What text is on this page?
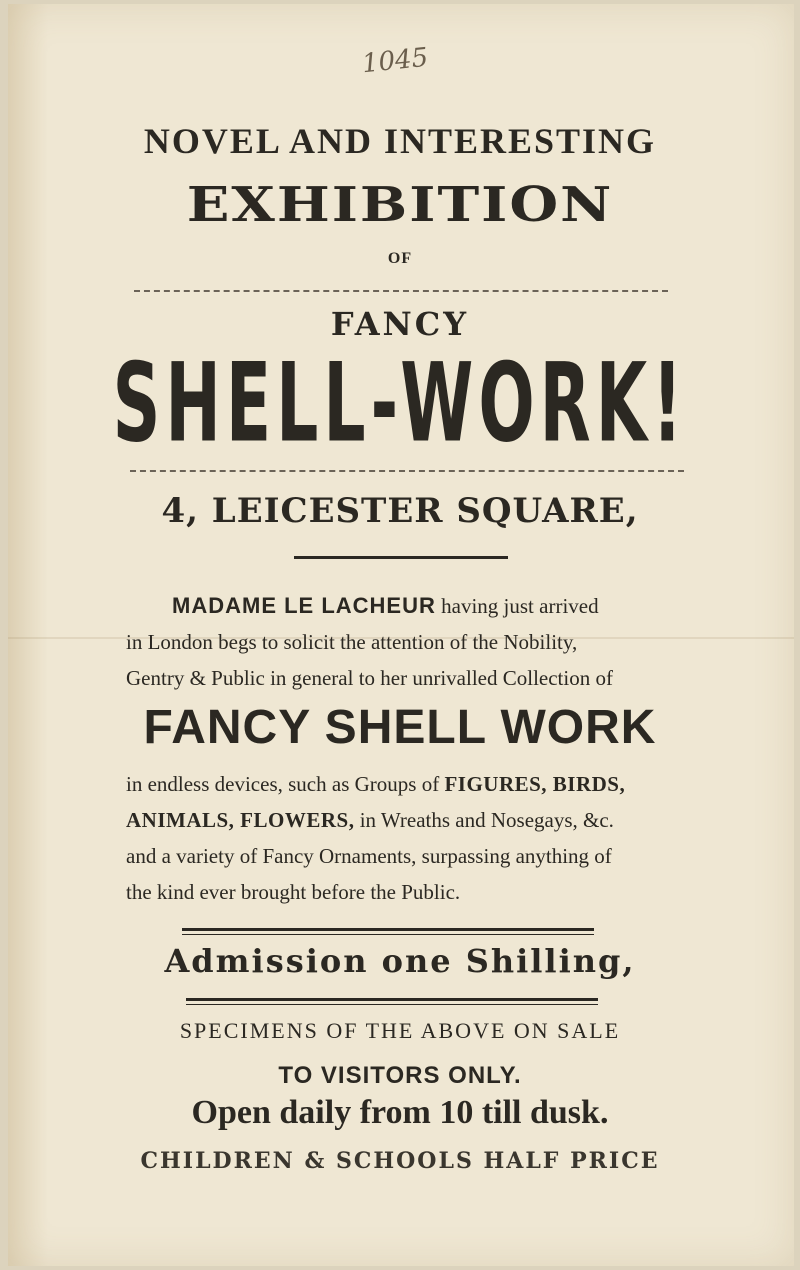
1045
NOVEL AND INTERESTING
EXHIBITION
OF
FANCY
SHELL-WORK!
4, LEICESTER SQUARE,
MADAME LE LACHEUR having just arrived
in London begs to solicit the attention of the Nobility,
Gentry & Public in general to her unrivalled Collection of
FANCY SHELL WORK
in endless devices, such as Groups of FIGURES, BIRDS,
ANIMALS, FLOWERS, in Wreaths and Nosegays, &c.
and a variety of Fancy Ornaments, surpassing anything of
the kind ever brought before the Public.
Admission one Shilling,
SPECIMENS OF THE ABOVE ON SALE
TO VISITORS ONLY.
Open daily from 10 till dusk.
CHILDREN & SCHOOLS HALF PRICE
